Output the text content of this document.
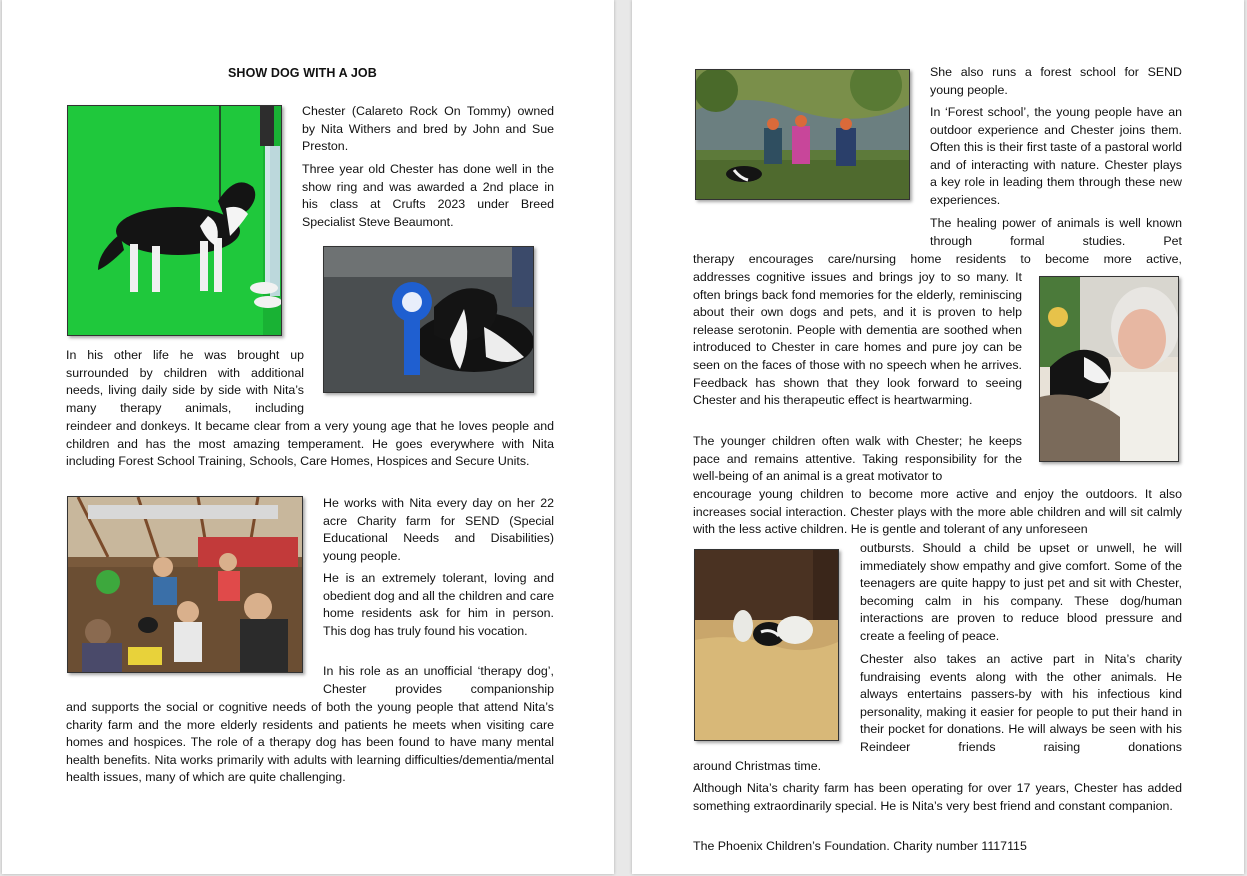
SHOW DOG WITH A JOB

Chester (Calareto Rock On Tommy) owned by Nita Withers and bred by John and Sue Preston.

Three year old Chester has done well in the show ring and was awarded a 2nd place in his class at Crufts 2023 under Breed Specialist Steve Beaumont.

In his other life he was brought up surrounded by children with additional needs, living daily side by side with Nita’s many therapy animals, including

reindeer and donkeys. It became clear from a very young age that he loves people and children and has the most amazing temperament. He goes everywhere with Nita including Forest School Training, Schools, Care Homes, Hospices and Secure Units.

He works with Nita every day on her 22 acre Charity farm for SEND (Special Educational Needs and Disabilities) young people.

He is an extremely tolerant, loving and obedient dog and all the children and care home residents ask for him in person. This dog has truly found his vocation.

In his role as an unofficial ‘therapy dog’, Chester provides companionship

and supports the social or cognitive needs of both the young people that attend Nita’s charity farm and the more elderly residents and patients he meets when visiting care homes and hospices. The role of a therapy dog has been found to have many mental health benefits. Nita works primarily with adults with learning difficulties/dementia/mental health issues, many of which are quite challenging.

She also runs a forest school for SEND young people.

In ‘Forest school’, the young people have an outdoor experience and Chester joins them. Often this is their first taste of a pastoral world and of interacting with nature. Chester plays a key role in leading them through these new experiences.

The healing power of animals is well known through formal studies. Pet

therapy encourages care/nursing home residents to become more active,

addresses cognitive issues and brings joy to so many. It often brings back fond memories for the elderly, reminiscing about their own dogs and pets, and it is proven to help release serotonin. People with dementia are soothed when introduced to Chester in care homes and pure joy can be seen on the faces of those with no speech when he arrives. Feedback has shown that they look forward to seeing Chester and his therapeutic effect is heartwarming.

The younger children often walk with Chester; he keeps pace and remains attentive. Taking responsibility for the well-being of an animal is a great motivator to

encourage young children to become more active and enjoy the outdoors. It also increases social interaction. Chester plays with the more able children and will sit calmly with the less active children. He is gentle and tolerant of any unforeseen

outbursts. Should a child be upset or unwell, he will immediately show empathy and give comfort. Some of the teenagers are quite happy to just pet and sit with Chester, becoming calm in his company. These dog/human interactions are proven to reduce blood pressure and create a feeling of peace.

Chester also takes an active part in Nita’s charity fundraising events along with the other animals. He always entertains passers-by with his infectious kind personality, making it easier for people to put their hand in their pocket for donations. He will always be seen with his Reindeer friends raising donations

around Christmas time.

Although Nita’s charity farm has been operating for over 17 years, Chester has added something extraordinarily special. He is Nita’s very best friend and constant companion.

The Phoenix Children’s Foundation. Charity number 1117115
